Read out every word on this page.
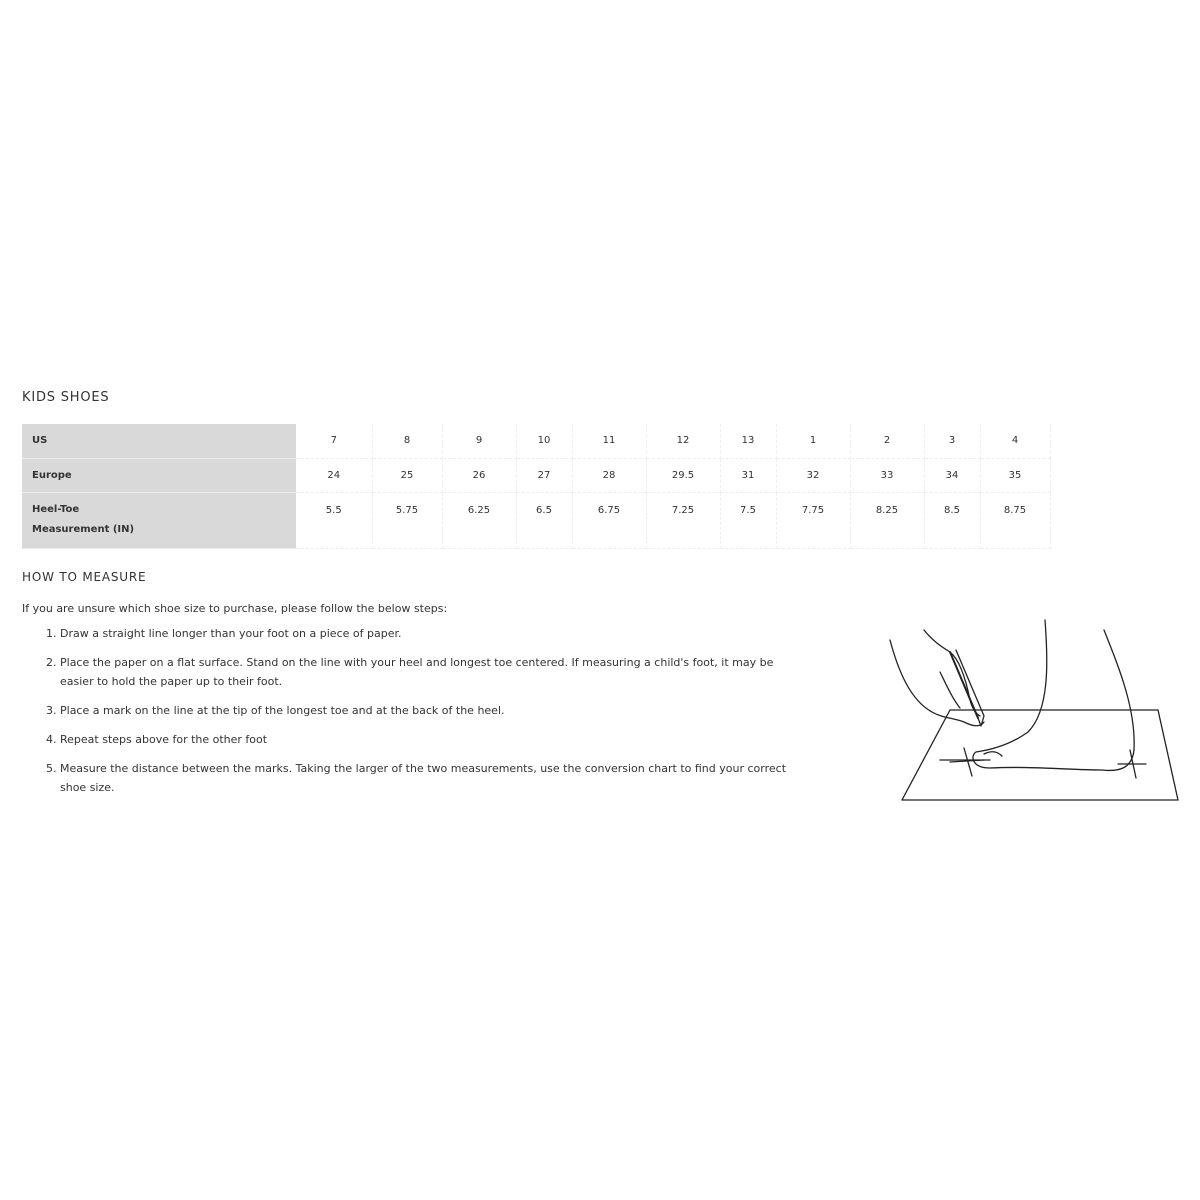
KIDS SHOES
US	7	8	9	10	11	12	13	1	2	3	4
Europe	24	25	26	27	28	29.5	31	32	33	34	35
Heel-Toe
Measurement (IN)	5.5	5.75	6.25	6.5	6.75	7.25	7.5	7.75	8.25	8.5	8.75
HOW TO MEASURE

If you are unsure which shoe size to purchase, please follow the below steps:

1. Draw a straight line longer than your foot on a piece of paper.
2. Place the paper on a flat surface. Stand on the line with your heel and longest toe centered. If measuring a child's foot, it may be easier to hold the paper up to their foot.
3. Place a mark on the line at the tip of the longest toe and at the back of the heel.
4. Repeat steps above for the other foot
5. Measure the distance between the marks. Taking the larger of the two measurements, use the conversion chart to find your correct shoe size.
